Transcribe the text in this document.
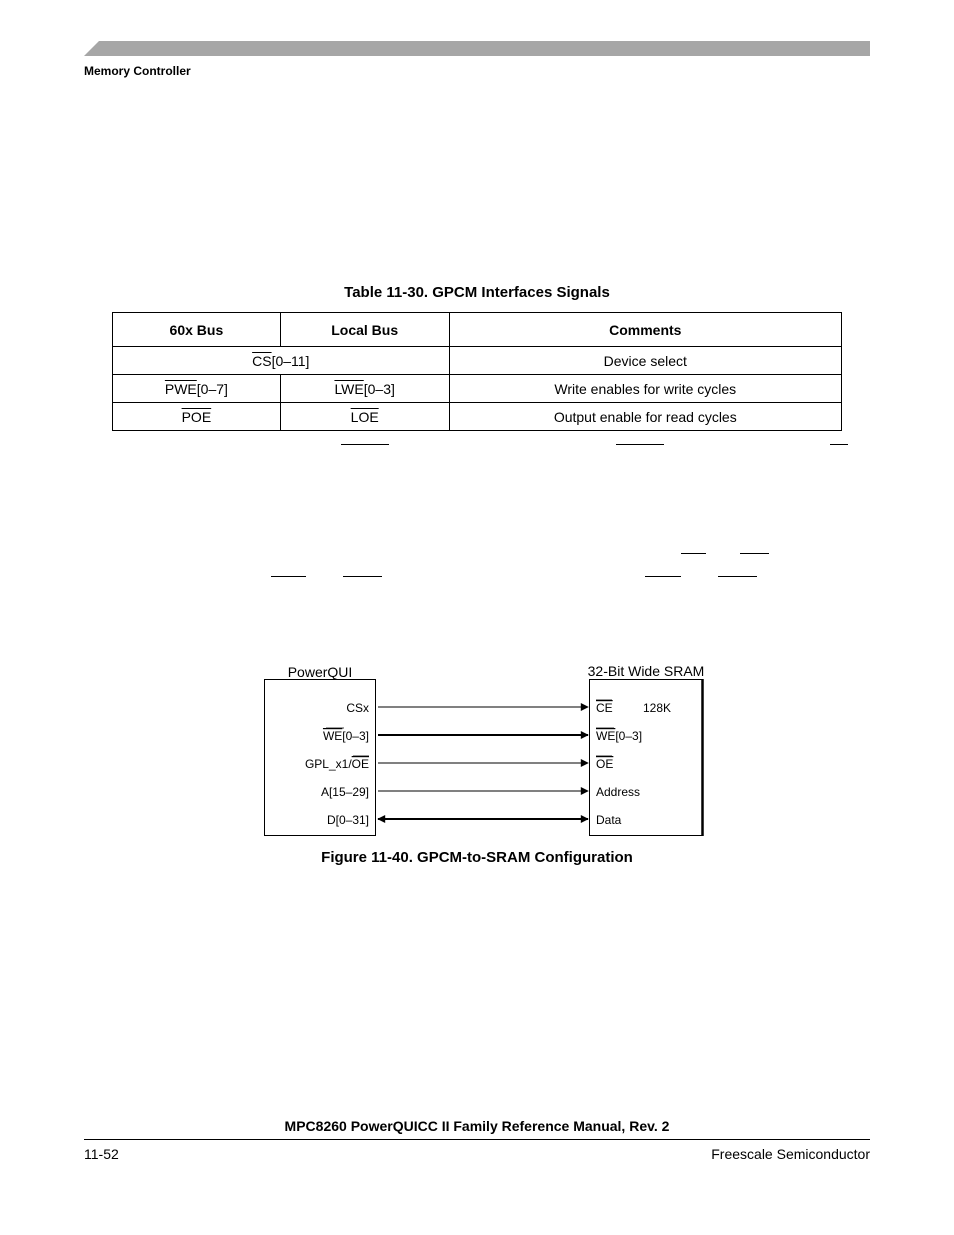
Memory Controller
Table 11-30. GPCM Interfaces Signals
60x Bus	Local Bus	Comments
$\overline{CS}[0-11]$		Device select
$\overline{PWE}[0-7]$	$\overline{LWE}[0-3]$	Write enables for write cycles
$\overline{POE}$	$\overline{LOE}$	Output enable for read cycles
PowerQUI	32-Bit Wide SRAM
CSx
WE[0–3]
GPL_x1/OE
A[15–29]
D[0–31]
CE	128K
WE[0–3]
OE
Address
Data
Figure 11-40. GPCM-to-SRAM Configuration
MPC8260 PowerQUICC II Family Reference Manual, Rev. 2
11-52	Freescale Semiconductor
